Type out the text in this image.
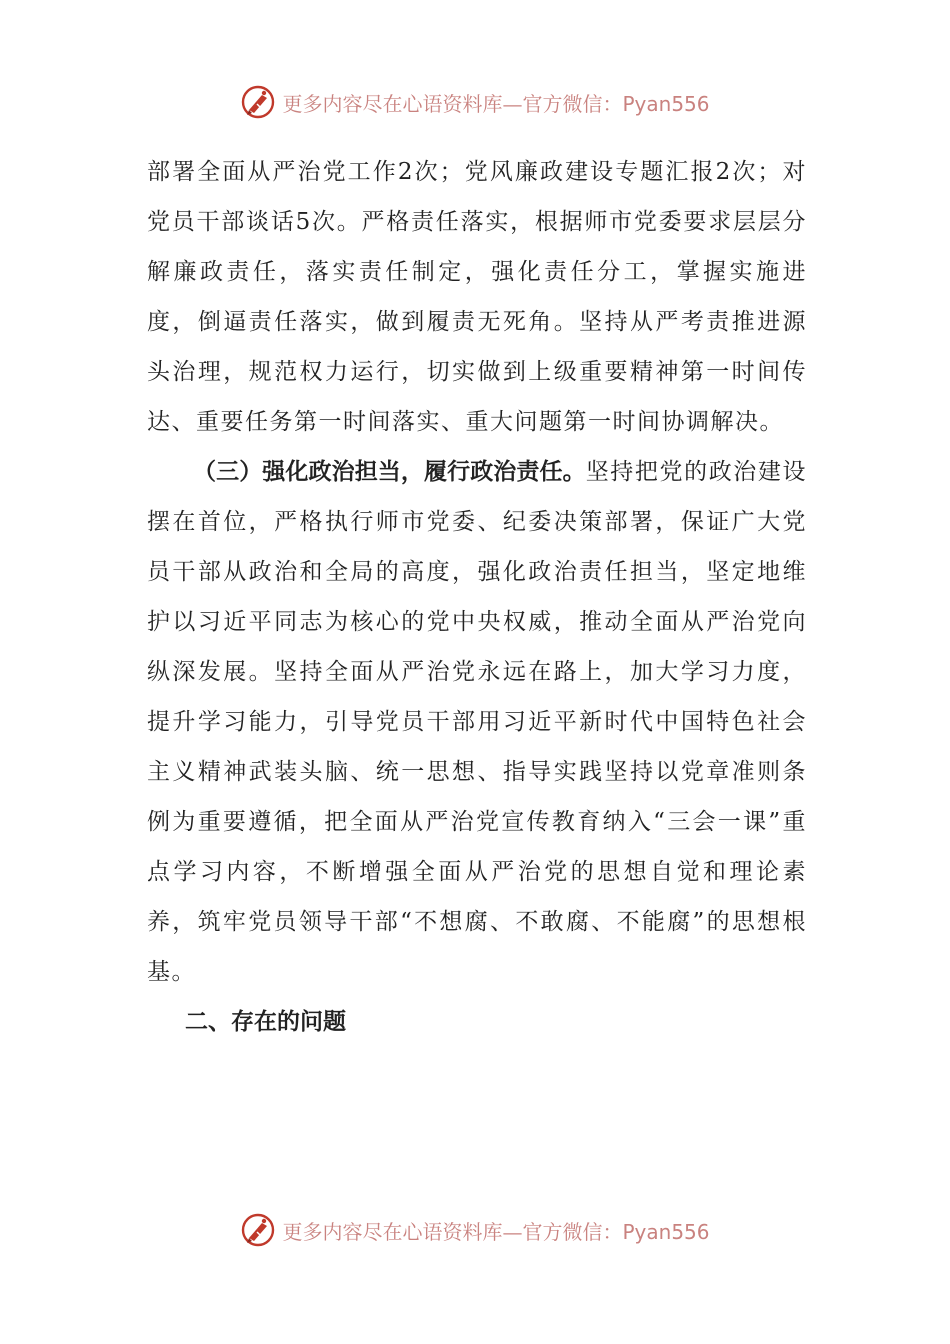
更多内容尽在心语资料库—官方微信：Pyan556

部署全面从严治党工作2次；党风廉政建设专题汇报2次；对党员干部谈话5次。严格责任落实，根据师市党委要求层层分解廉政责任，落实责任制定，强化责任分工，掌握实施进度，倒逼责任落实，做到履责无死角。坚持从严考责推进源头治理，规范权力运行，切实做到上级重要精神第一时间传达、重要任务第一时间落实、重大问题第一时间协调解决。

（三）强化政治担当，履行政治责任。坚持把党的政治建设摆在首位，严格执行师市党委、纪委决策部署，保证广大党员干部从政治和全局的高度，强化政治责任担当，坚定地维护以习近平同志为核心的党中央权威，推动全面从严治党向纵深发展。坚持全面从严治党永远在路上，加大学习力度，提升学习能力，引导党员干部用习近平新时代中国特色社会主义精神武装头脑、统一思想、指导实践坚持以党章准则条例为重要遵循，把全面从严治党宣传教育纳入“三会一课”重点学习内容，不断增强全面从严治党的思想自觉和理论素养，筑牢党员领导干部“不想腐、不敢腐、不能腐”的思想根基。

二、存在的问题

更多内容尽在心语资料库—官方微信：Pyan556
